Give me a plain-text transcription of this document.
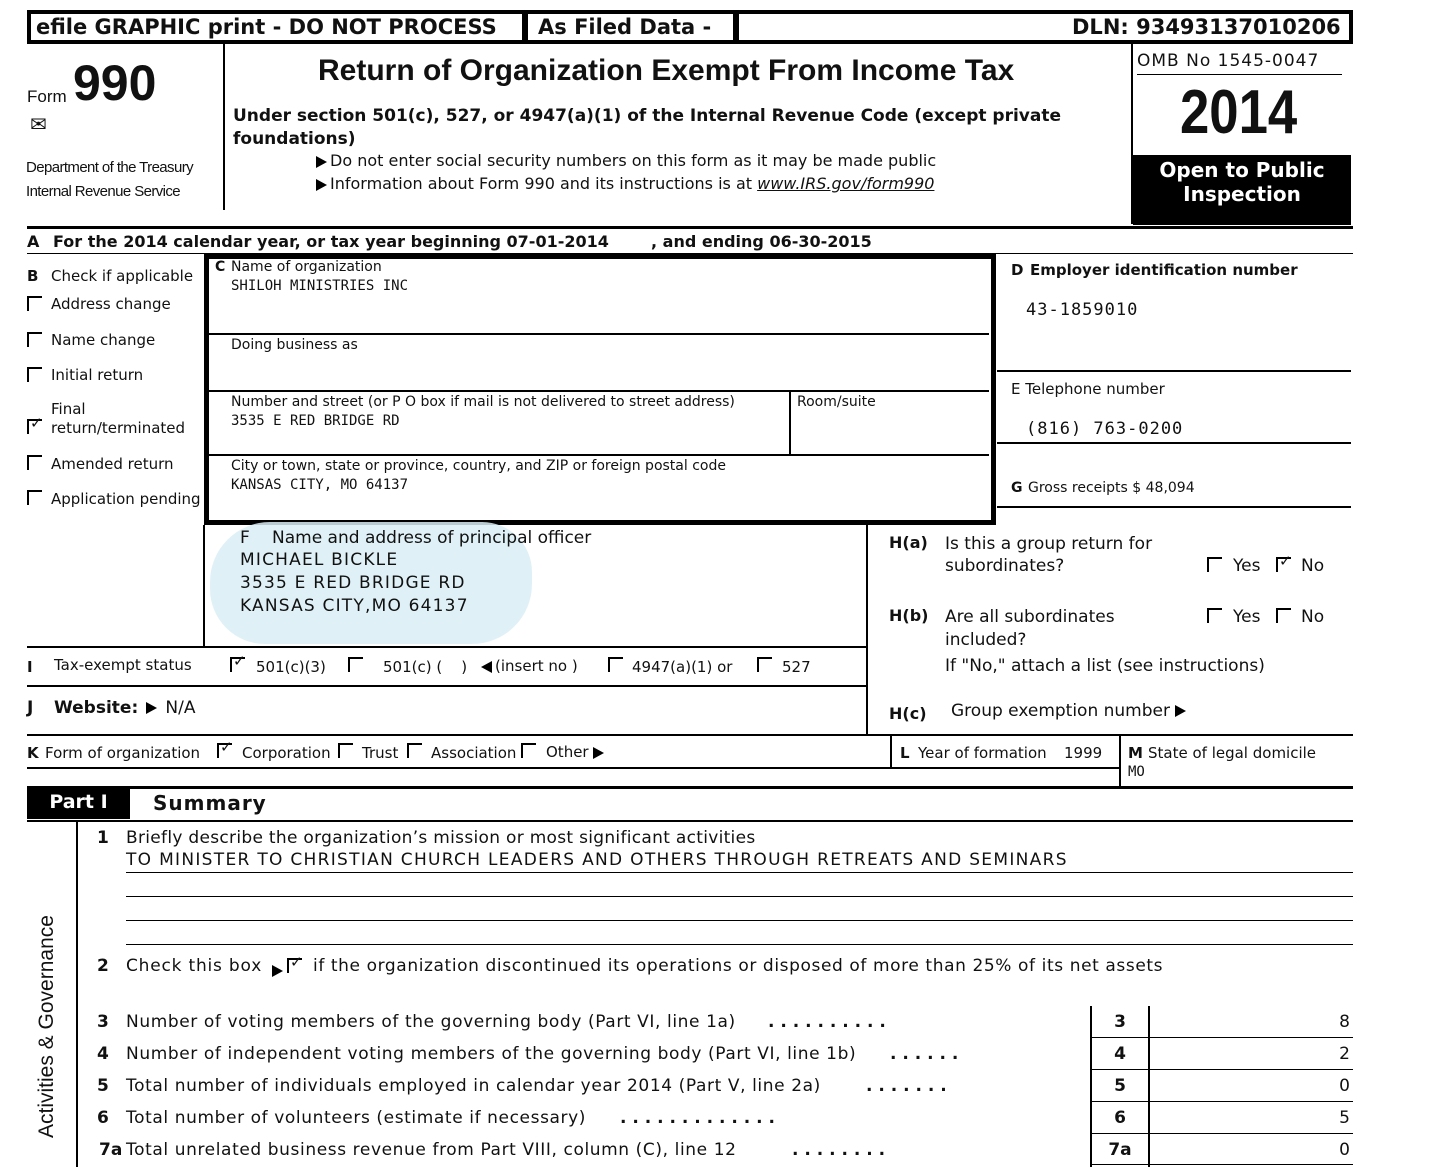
efile GRAPHIC print - DO NOT PROCESS As Filed Data -	DLN: 93493137010206
Form 990
✉
Department of the Treasury
Internal Revenue Service
Return of Organization Exempt From Income Tax
Under section 501(c), 527, or 4947(a)(1) of the Internal Revenue Code (except private
foundations)
Do not enter social security numbers on this form as it may be made public
Information about Form 990 and its instructions is at www.IRS.gov/form990
OMB No 1545-0047
2014
Open to Public
Inspection
A For the 2014 calendar year, or tax year beginning 07-01-2014	, and ending 06-30-2015
B Check if applicable
Address change
Name change
Initial return
Final
✓ return/terminated
Amended return
Application pending
C Name of organization
SHILOH MINISTRIES INC
Doing business as
Number and street (or P O box if mail is not delivered to street address)
3535 E RED BRIDGE RD
Room/suite
City or town, state or province, country, and ZIP or foreign postal code
KANSAS CITY, MO 64137
D Employer identification number
43-1859010
E Telephone number
(816) 763-0200
G Gross receipts $ 48,094
F Name and address of principal officer
MICHAEL BICKLE
3535 E RED BRIDGE RD
KANSAS CITY,MO 64137
H(a) Is this a group return for
subordinates?	Yes ✓ No
H(b) Are all subordinates
included?
Yes No
If "No," attach a list (see instructions)
H(c) Group exemption number
I Tax-exempt status	✓ 501(c)(3)	501(c) (    )	(insert no )	4947(a)(1) or	527
J Website:	N/A
K Form of organization ✓ Corporation Trust Association Other	L Year of formation 1999 M State of legal domicile
MO
Part I	Summary
Activities & Governance
1 Briefly describe the organization’s mission or most significant activities
TO MINISTER TO CHRISTIAN CHURCH LEADERS AND OTHERS THROUGH RETREATS AND SEMINARS
2 Check this box ✓ if the organization discontinued its operations or disposed of more than 25% of its net assets
3 Number of voting members of the governing body (Part VI, line 1a) . . . . . . . . . .	3	8
4 Number of independent voting members of the governing body (Part VI, line 1b) . . . . . .	4	2
5 Total number of individuals employed in calendar year 2014 (Part V, line 2a)	. . . . . . .	5	0
6 Total number of volunteers (estimate if necessary) . . . . . . . . . . . . .	6	5
7a Total unrelated business revenue from Part VIII, column (C), line 12	. . . . . . . .	7a	0
